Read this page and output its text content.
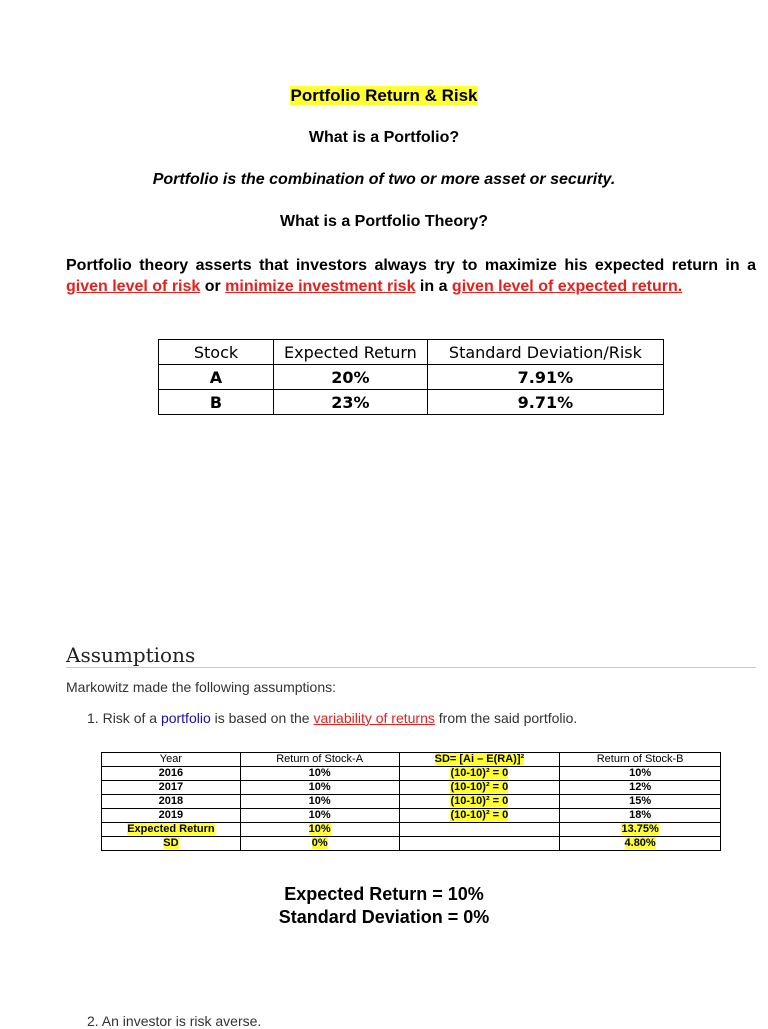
Portfolio Return & Risk
What is a Portfolio?
Portfolio is the combination of two or more asset or security.
What is a Portfolio Theory?
Portfolio theory asserts that investors always try to maximize his expected return in a given level of risk or minimize investment risk in a given level of expected return.
Stock	Expected Return	Standard Deviation/Risk
A	20%	7.91%
B	23%	9.71%
Assumptions
Markowitz made the following assumptions:
1. Risk of a portfolio is based on the variability of returns from the said portfolio.
Year	Return of Stock-A	SD= [Ai – E(RA)]²	Return of Stock-B
2016	10%	(10-10)² = 0	10%
2017	10%	(10-10)² = 0	12%
2018	10%	(10-10)² = 0	15%
2019	10%	(10-10)² = 0	18%
Expected Return	10%		13.75%
SD	0%		4.80%
Expected Return = 10%
Standard Deviation = 0%
2. An investor is risk averse.
